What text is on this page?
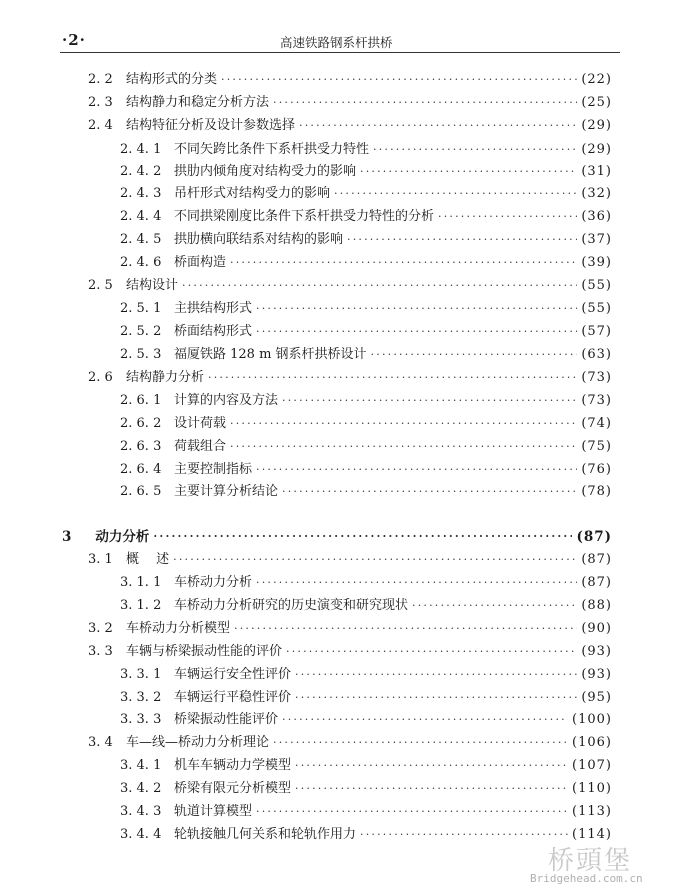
·2·	高速铁路钢系杆拱桥
2. 2 结构形式的分类 ·····	(22)
2. 3 结构静力和稳定分析方法 ·····	(25)
2. 4 结构特征分析及设计参数选择 ·····	(29)
2. 4. 1 不同矢跨比条件下系杆拱受力特性 ·····	(29)
2. 4. 2 拱肋内倾角度对结构受力的影响 ·····	(31)
2. 4. 3 吊杆形式对结构受力的影响 ·····	(32)
2. 4. 4 不同拱梁刚度比条件下系杆拱受力特性的分析 ·····	(36)
2. 4. 5 拱肋横向联结系对结构的影响 ·····	(37)
2. 4. 6 桥面构造 ·····	(39)
2. 5 结构设计 ·····	(55)
2. 5. 1 主拱结构形式 ·····	(55)
2. 5. 2 桥面结构形式 ·····	(57)
2. 5. 3 福厦铁路 128 m 钢系杆拱桥设计 ·····	(63)
2. 6 结构静力分析 ·····	(73)
2. 6. 1 计算的内容及方法 ·····	(73)
2. 6. 2 设计荷载 ·····	(74)
2. 6. 3 荷载组合 ·····	(75)
2. 6. 4 主要控制指标 ·····	(76)
2. 6. 5 主要计算分析结论 ·····	(78)
3 动力分析 ·····	(87)
3. 1 概　 述 ·····	(87)
3. 1. 1 车桥动力分析 ·····	(87)
3. 1. 2 车桥动力分析研究的历史演变和研究现状 ·····	(88)
3. 2 车桥动力分析模型 ·····	(90)
3. 3 车辆与桥梁振动性能的评价 ·····	(93)
3. 3. 1 车辆运行安全性评价 ·····	(93)
3. 3. 2 车辆运行平稳性评价 ·····	(95)
3. 3. 3 桥梁振动性能评价 ·····	(100)
3. 4 车—线—桥动力分析理论 ·····	(106)
3. 4. 1 机车车辆动力学模型 ·····	(107)
3. 4. 2 桥梁有限元分析模型 ·····	(110)
3. 4. 3 轨道计算模型 ·····	(113)
3. 4. 4 轮轨接触几何关系和轮轨作用力 ·····	(114)
桥頭堡
Bridgehead.com.cn
